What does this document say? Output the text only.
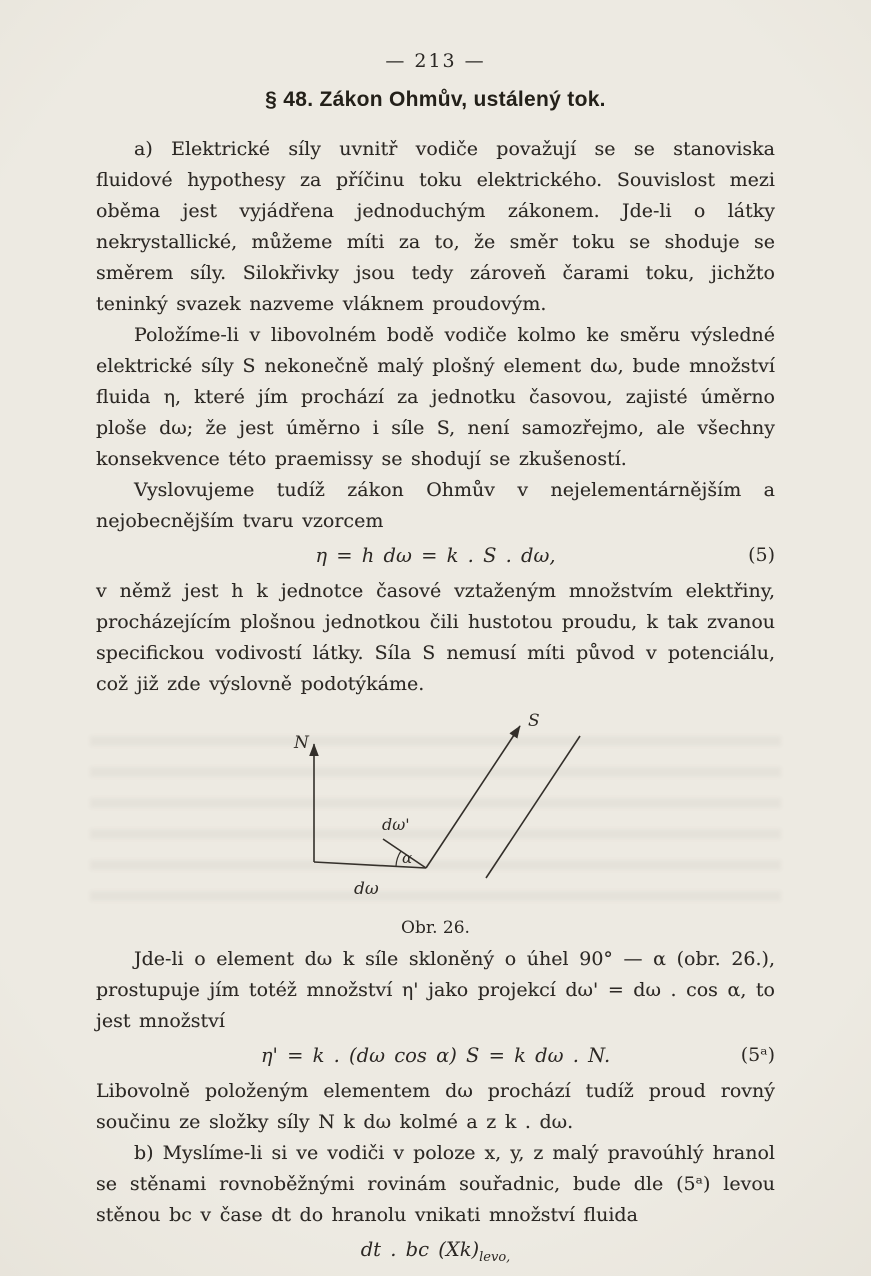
— 213 —
§ 48. Zákon Ohmův, ustálený tok.

a) Elektrické síly uvnitř vodiče považují se se stanoviska fluidové hypothesy za příčinu toku elektrického. Souvislost mezi oběma jest vyjádřena jednoduchým zákonem. Jde-li o látky nekrystallické, můžeme míti za to, že směr toku se shoduje se směrem síly. Silokřivky jsou tedy zároveň čarami toku, jichžto teninký svazek nazveme vláknem proudovým.

Položíme-li v libovolném bodě vodiče kolmo ke směru výsledné elektrické síly S nekonečně malý plošný element dω, bude množství fluida η, které jím prochází za jednotku časovou, zajisté úměrno ploše dω; že jest úměrno i síle S, není samozřejmo, ale všechny konsekvence této praemissy se shodují se zkušeností.

Vyslovujeme tudíž zákon Ohmův v nejelementárnějším a nejobecnějším tvaru vzorcem

η = h dω = k . S . dω,	(5)

v němž jest h k jednotce časové vztaženým množstvím elektřiny, procházejícím plošnou jednotkou čili hustotou proudu, k tak zvanou specifickou vodivostí látky. Síla S nemusí míti původ v potenciálu, což již zde výslovně podotýkáme.

N
dω
S
dω'
α
Obr. 26.

Jde-li o element dω k síle skloněný o úhel 90° — α (obr. 26.), prostupuje jím totéž množství η' jako projekcí dω' = dω . cos α, to jest množství

η' = k . (dω cos α) S = k dω . N.	(5ᵃ)

Libovolně položeným elementem dω prochází tudíž proud rovný součinu ze složky síly N k dω kolmé a z k . dω.

b) Myslíme-li si ve vodiči v poloze x, y, z malý pravoúhlý hranol se stěnami rovnoběžnými rovinám souřadnic, bude dle (5ᵃ) levou stěnou bc v čase dt do hranolu vnikati množství fluida

dt . bc $(Xk)_{levo,}$
